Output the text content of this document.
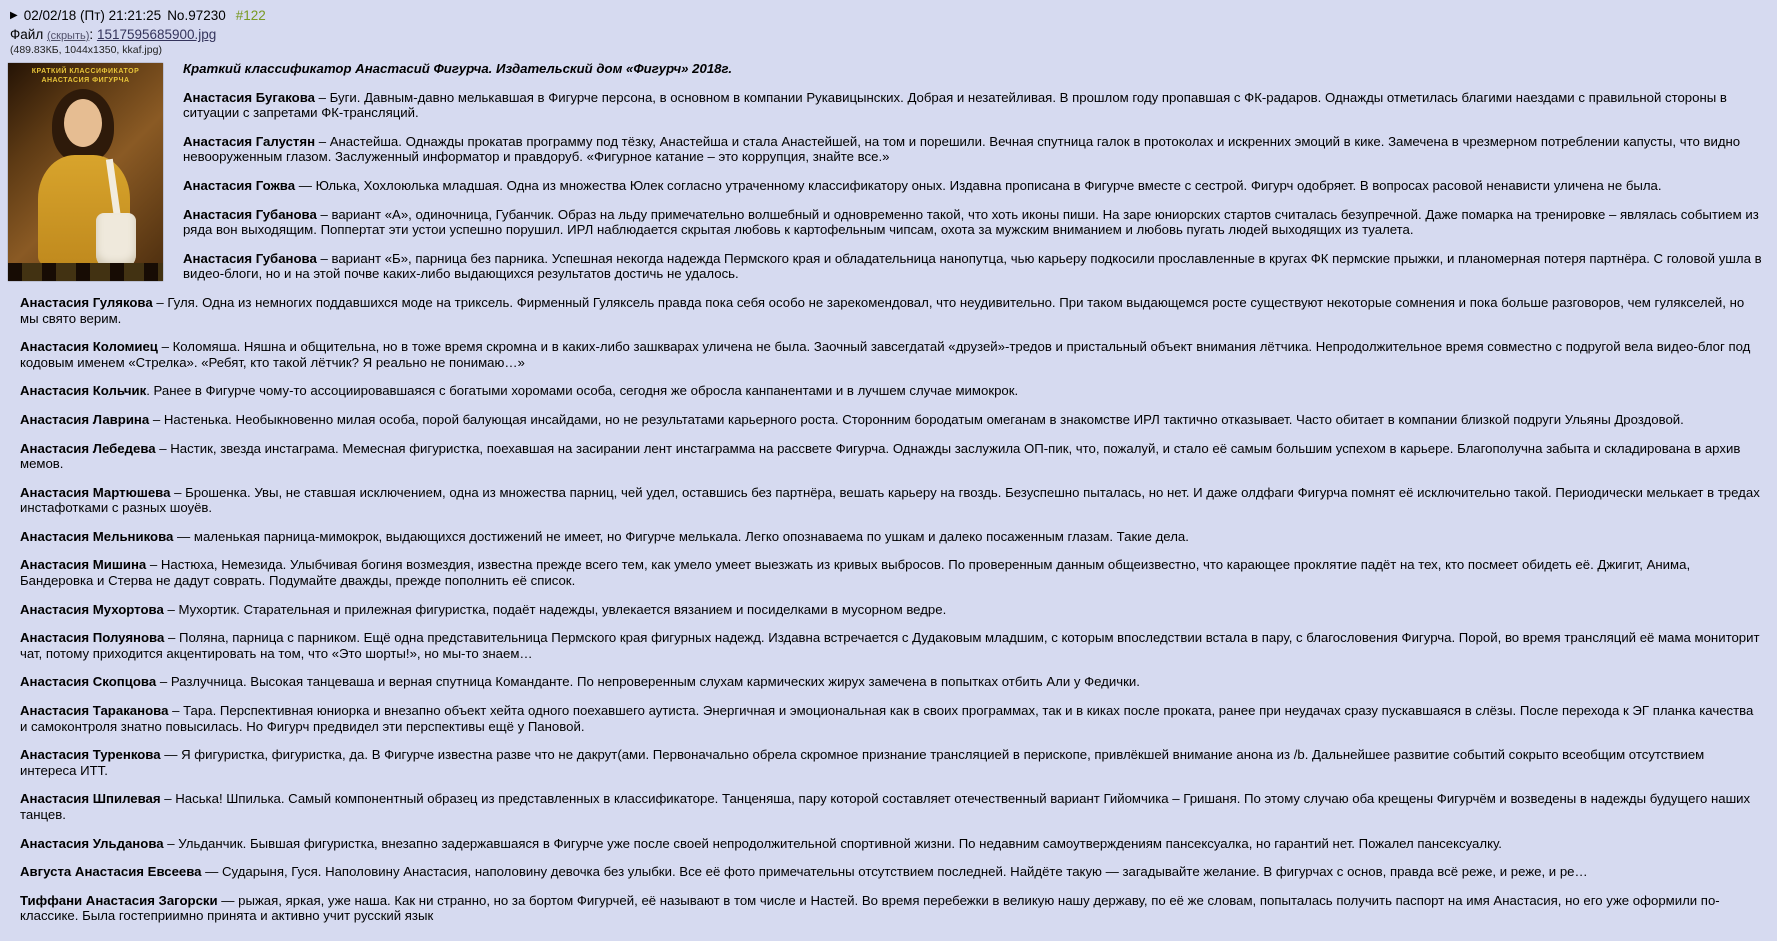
▶ 02/02/18 (Пт) 21:21:25 No.97230 #122
Файл (скрыть): 1517595685900.jpg
(489.83КБ, 1044x1350, kkaf.jpg)
КРАТКИЙ КЛАССИФИКАТОР
АНАСТАСИЯ ФИГУРЧА

Краткий классификатор Анастасий Фигурча. Издательский дом «Фигурч» 2018г.

Анастасия Бугакова – Буги. Давным-давно мелькавшая в Фигурче персона, в основном в компании Рукавицынских. Добрая и незатейливая. В прошлом году пропавшая с ФК-радаров. Однажды отметилась благими наездами с правильной стороны в ситуации с запретами ФК-трансляций.

Анастасия Галустян – Анастейша. Однажды прокатав программу под тёзку, Анастейша и стала Анастейшей, на том и порешили. Вечная спутница галок в протоколах и искренних эмоций в кике. Замечена в чрезмерном потреблении капусты, что видно невооруженным глазом. Заслуженный информатор и правдоруб. «Фигурное катание – это коррупция, знайте все.»

Анастасия Гожва — Юлька, Хохлоюлька младшая. Одна из множества Юлек согласно утраченному классификатору оных. Издавна прописана в Фигурче вместе с сестрой. Фигурч одобряет. В вопросах расовой ненависти уличена не была.

Анастасия Губанова – вариант «А», одиночница, Губанчик. Образ на льду примечательно волшебный и одновременно такой, что хоть иконы пиши. На заре юниорских стартов считалась безупречной. Даже помарка на тренировке – являлась событием из ряда вон выходящим. Поппертат эти устои успешно порушил. ИРЛ наблюдается скрытая любовь к картофельным чипсам, охота за мужским вниманием и любовь пугать людей выходящих из туалета.

Анастасия Губанова – вариант «Б», парница без парника. Успешная некогда надежда Пермского края и обладательница нанопутца, чью карьеру подкосили прославленные в кругах ФК пермские прыжки, и планомерная потеря партнёра. С головой ушла в видео-блоги, но и на этой почве каких-либо выдающихся результатов достичь не удалось.

Анастасия Гулякова – Гуля. Одна из немногих поддавшихся моде на триксель. Фирменный Гуляксель правда пока себя особо не зарекомендовал, что неудивительно. При таком выдающемся росте существуют некоторые сомнения и пока больше разговоров, чем гулякселей, но мы свято верим.

Анастасия Коломиец – Коломяша. Няшна и общительна, но в тоже время скромна и в каких-либо зашкварах уличена не была. Заочный завсегдатай «друзей»-тредов и пристальный объект внимания лётчика. Непродолжительное время совместно с подругой вела видео-блог под кодовым именем «Стрелка». «Ребят, кто такой лётчик? Я реально не понимаю…»

Анастасия Кольчик. Ранее в Фигурче чому-то ассоциировавшаяся с богатыми хоромами особа, сегодня же обросла канпанентами и в лучшем случае мимокрок.

Анастасия Лаврина – Настенька. Необыкновенно милая особа, порой балующая инсайдами, но не результатами карьерного роста. Сторонним бородатым омеганам в знакомстве ИРЛ тактично отказывает. Часто обитает в компании близкой подруги Ульяны Дроздовой.

Анастасия Лебедева – Настик, звезда инстаграма. Мемесная фигуристка, поехавшая на засирании лент инстаграмма на рассвете Фигурча. Однажды заслужила ОП-пик, что, пожалуй, и стало её самым большим успехом в карьере. Благополучна забыта и складирована в архив мемов.

Анастасия Мартюшева – Брошенка. Увы, не ставшая исключением, одна из множества парниц, чей удел, оставшись без партнёра, вешать карьеру на гвоздь. Безуспешно пыталась, но нет. И даже олдфаги Фигурча помнят её исключительно такой. Периодически мелькает в тредах инстафотками с разных шоуёв.

Анастасия Мельникова — маленькая парница-мимокрок, выдающихся достижений не имеет, но Фигурче мелькала. Легко опознаваема по ушкам и далеко посаженным глазам. Такие дела.

Анастасия Мишина – Настюха, Немезида. Улыбчивая богиня возмездия, известна прежде всего тем, как умело умеет выезжать из кривых выбросов. По проверенным данным общеизвестно, что карающее проклятие падёт на тех, кто посмеет обидеть её. Джигит, Анима, Бандеровка и Стерва не дадут соврать. Подумайте дважды, прежде пополнить её список.

Анастасия Мухортова – Мухортик. Старательная и прилежная фигуристка, подаёт надежды, увлекается вязанием и посиделками в мусорном ведре.

Анастасия Полуянова – Поляна, парница с парником. Ещё одна представительница Пермского края фигурных надежд. Издавна встречается с Дудаковым младшим, с которым впоследствии встала в пару, с благословения Фигурча. Порой, во время трансляций её мама мониторит чат, потому приходится акцентировать на том, что «Это шорты!», но мы-то знаем…

Анастасия Скопцова – Разлучница. Высокая танцеваша и верная спутница Команданте. По непроверенным слухам кармических жирух замечена в попытках отбить Али у Федички.

Анастасия Тараканова – Тара. Перспективная юниорка и внезапно объект хейта одного поехавшего аутиста. Энергичная и эмоциональная как в своих программах, так и в киках после проката, ранее при неудачах сразу пускавшаяся в слёзы. После перехода к ЭГ планка качества и самоконтроля знатно повысилась. Но Фигурч предвидел эти перспективы ещё у Пановой.

Анастасия Туренкова — Я фигуристка, фигуристка, да. В Фигурче известна разве что не дакрут(ами. Первоначально обрела скромное признание трансляцией в перископе, привлёкшей внимание анона из /b. Дальнейшее развитие событий сокрыто всеобщим отсутствием интереса ИТТ.

Анастасия Шпилевая – Наська! Шпилька. Самый компонентный образец из представленных в классификаторе. Танценяша, пару которой составляет отечественный вариант Гийомчика – Гришаня. По этому случаю оба крещены Фигурчём и возведены в надежды будущего наших танцев.

Анастасия Ульданова – Ульданчик. Бывшая фигуристка, внезапно задержавшаяся в Фигурче уже после своей непродолжительной спортивной жизни. По недавним самоутверждениям пансексуалка, но гарантий нет. Пожалел пансексуалку.

Августа Анастасия Евсеева — Сударыня, Гуся. Наполовину Анастасия, наполовину девочка без улыбки. Все её фото примечательны отсутствием последней. Найдёте такую — загадывайте желание. В фигурчах с основ, правда всё реже, и реже, и ре…

Тиффани Анастасия Загорски — рыжая, яркая, уже наша. Как ни странно, но за бортом Фигурчей, её называют в том числе и Настей. Во время перебежки в великую нашу державу, по её же словам, попыталась получить паспорт на имя Анастасия, но его уже оформили по-классике. Была гостеприимно принята и активно учит русский язык
